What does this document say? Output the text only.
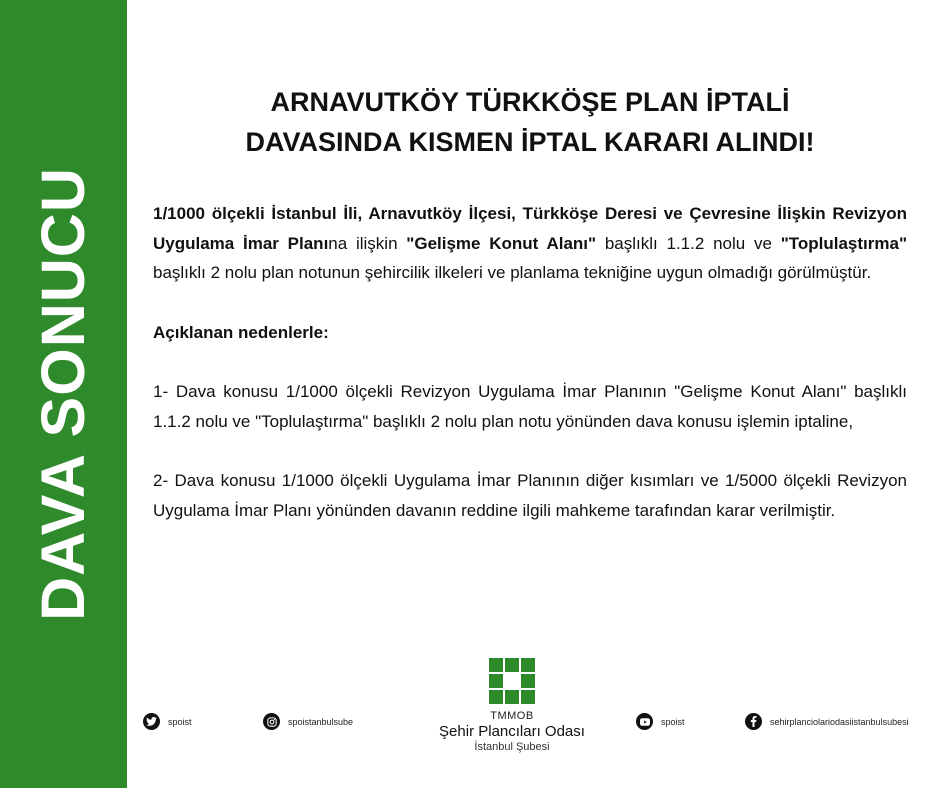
DAVA SONUCU
ARNAVUTKÖY TÜRKKÖŞE PLAN İPTALİ
DAVASINDA KISMEN İPTAL KARARI ALINDI!

1/1000 ölçekli İstanbul İli, Arnavutköy İlçesi, Türkköşe Deresi ve Çevresine İlişkin Revizyon Uygulama İmar Planına ilişkin "Gelişme Konut Alanı" başlıklı 1.1.2 nolu ve "Toplulaştırma" başlıklı 2 nolu plan notunun şehircilik ilkeleri ve planlama tekniğine uygun olmadığı görülmüştür.

Açıklanan nedenlerle:

1- Dava konusu 1/1000 ölçekli Revizyon Uygulama İmar Planının "Gelişme Konut Alanı" başlıklı 1.1.2 nolu ve "Toplulaştırma" başlıklı 2 nolu plan notu yönünden dava konusu işlemin iptaline,

2- Dava konusu 1/1000 ölçekli Uygulama İmar Planının diğer kısımları ve 1/5000 ölçekli Revizyon Uygulama İmar Planı yönünden davanın reddine ilgili mahkeme tarafından karar verilmiştir.

spoist	spoistanbulsube	spoist	sehirplanciolariodasiistanbulsubesi
TMMOB
Şehir Plancıları Odası
İstanbul Şubesi
